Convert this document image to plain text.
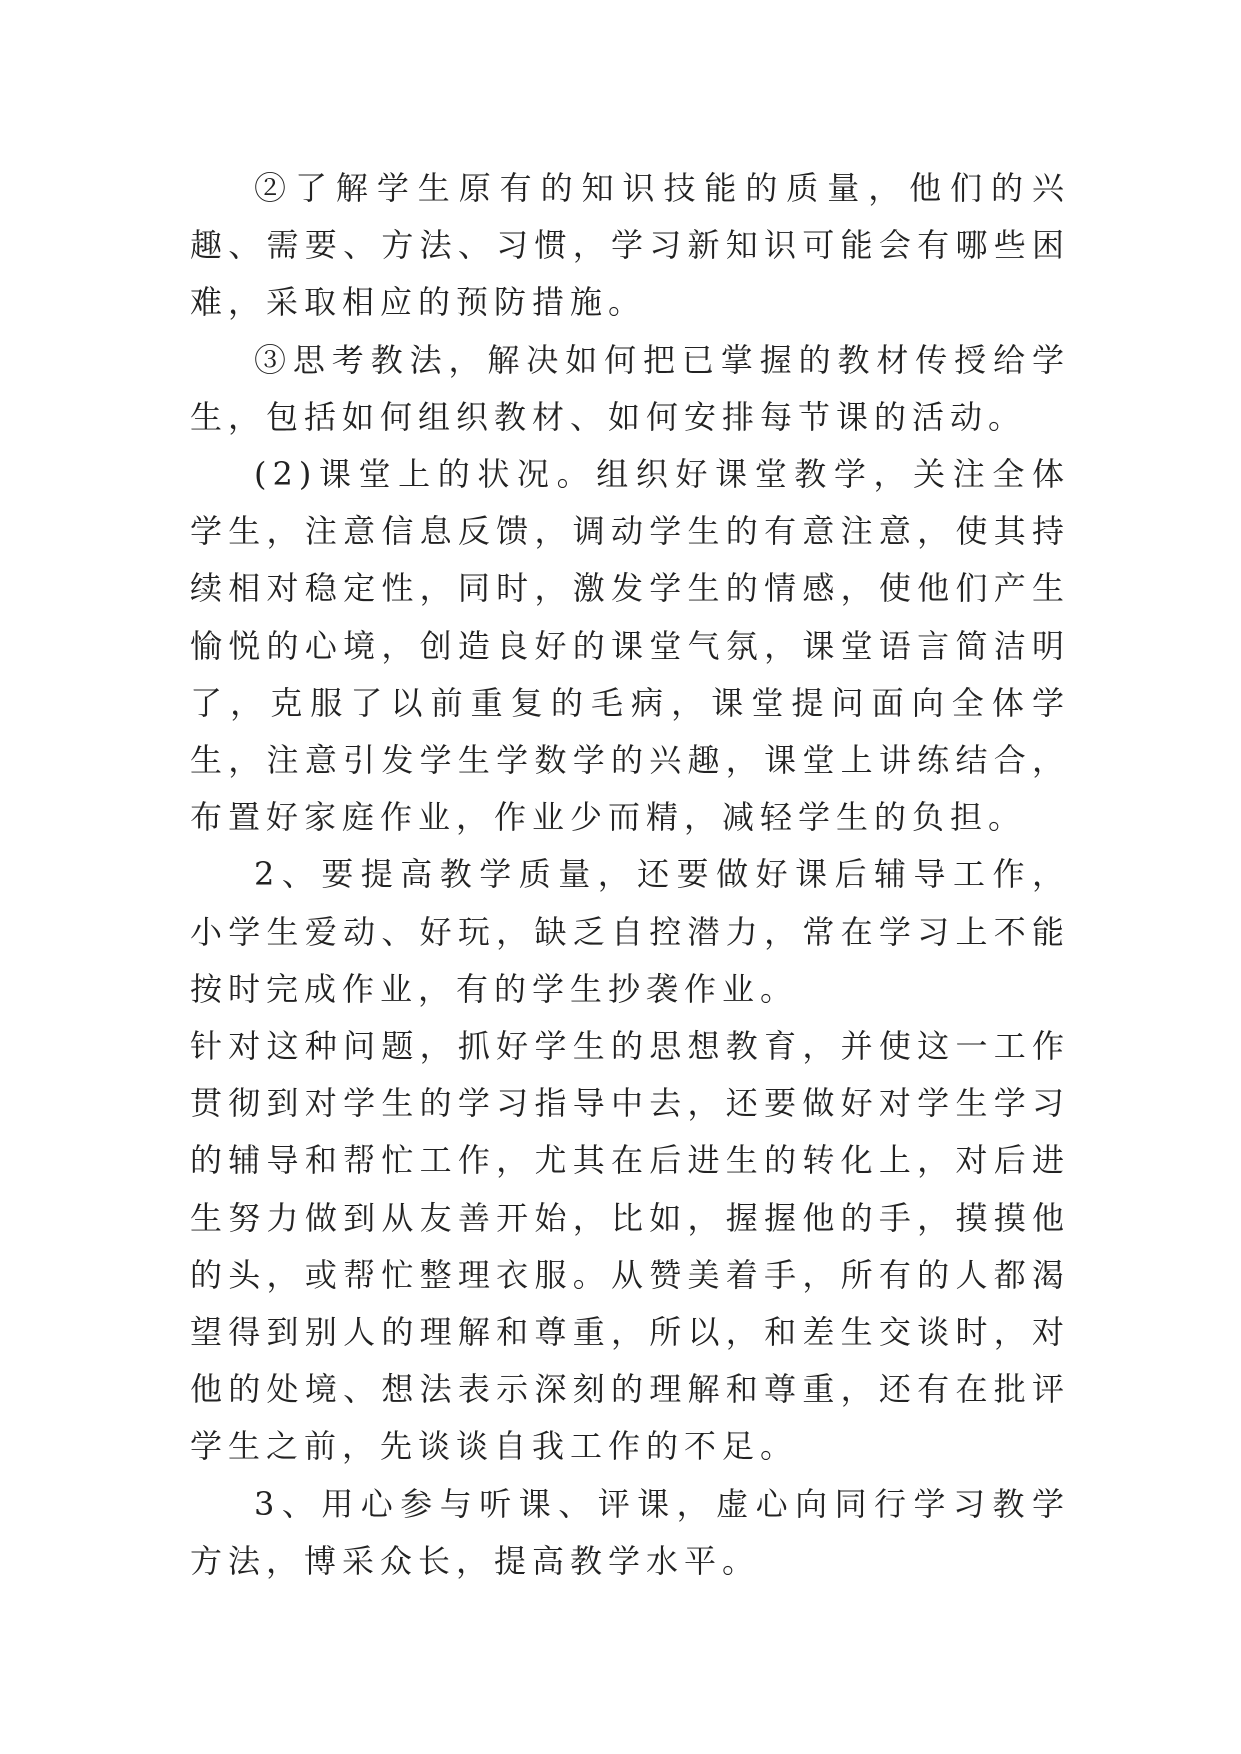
②了解学生原有的知识技能的质量，他们的兴趣、需要、方法、习惯，学习新知识可能会有哪些困难，采取相应的预防措施。

③思考教法，解决如何把已掌握的教材传授给学生，包括如何组织教材、如何安排每节课的活动。

(2)课堂上的状况。组织好课堂教学，关注全体学生，注意信息反馈，调动学生的有意注意，使其持续相对稳定性，同时，激发学生的情感，使他们产生愉悦的心境，创造良好的课堂气氛，课堂语言简洁明了，克服了以前重复的毛病，课堂提问面向全体学生，注意引发学生学数学的兴趣，课堂上讲练结合，布置好家庭作业，作业少而精，减轻学生的负担。

2、要提高教学质量，还要做好课后辅导工作，小学生爱动、好玩，缺乏自控潜力，常在学习上不能按时完成作业，有的学生抄袭作业。

针对这种问题，抓好学生的思想教育，并使这一工作贯彻到对学生的学习指导中去，还要做好对学生学习的辅导和帮忙工作，尤其在后进生的转化上，对后进生努力做到从友善开始，比如，握握他的手，摸摸他的头，或帮忙整理衣服。从赞美着手，所有的人都渴望得到别人的理解和尊重，所以，和差生交谈时，对他的处境、想法表示深刻的理解和尊重，还有在批评学生之前，先谈谈自我工作的不足。

3、用心参与听课、评课，虚心向同行学习教学方法，博采众长，提高教学水平。
